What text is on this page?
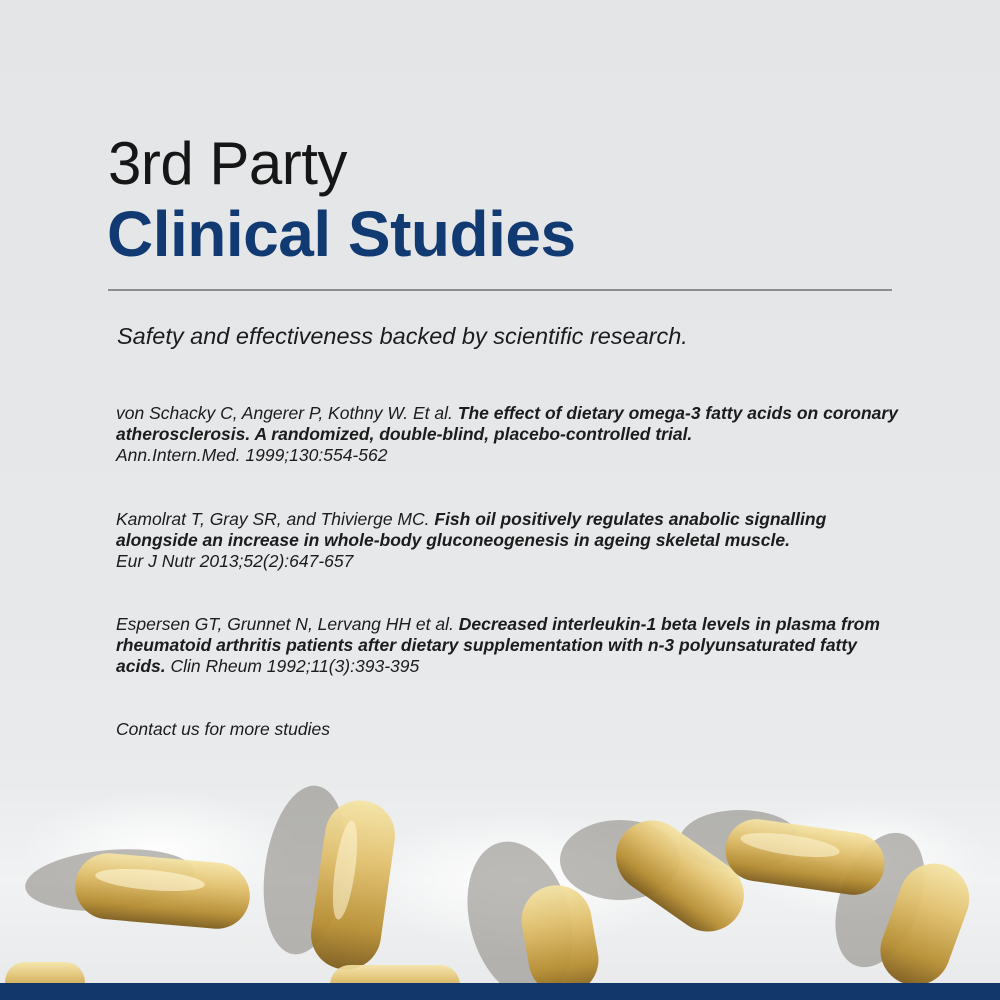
3rd Party
Clinical Studies
Safety and effectiveness backed by scientific research.
von Schacky C, Angerer P, Kothny W. Et al. The effect of dietary omega-3 fatty acids on coronary atherosclerosis. A randomized, double-blind, placebo-controlled trial.
Ann.Intern.Med. 1999;130:554-562
Kamolrat T, Gray SR, and Thivierge MC. Fish oil positively regulates anabolic signalling alongside an increase in whole-body gluconeogenesis in ageing skeletal muscle.
Eur J Nutr 2013;52(2):647-657
Espersen GT, Grunnet N, Lervang HH et al. Decreased interleukin-1 beta levels in plasma from rheumatoid arthritis patients after dietary supplementation with n-3 polyunsaturated fatty acids. Clin Rheum 1992;11(3):393-395
Contact us for more studies
